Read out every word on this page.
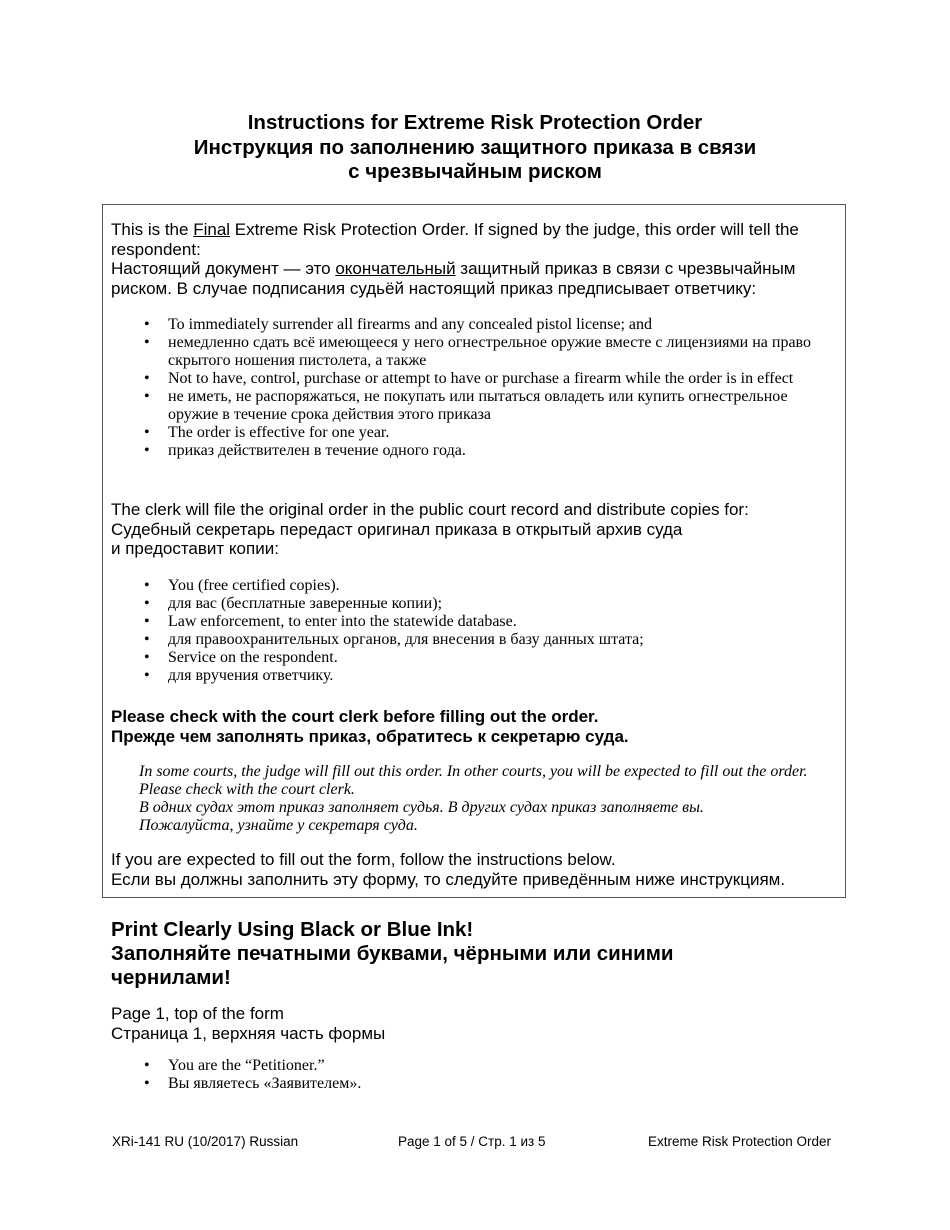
Instructions for Extreme Risk Protection Order
Инструкция по заполнению защитного приказа в связи
с чрезвычайным риском
This is the Final Extreme Risk Protection Order. If signed by the judge, this order will tell the respondent:
Настоящий документ — это окончательный защитный приказ в связи с чрезвычайным риском. В случае подписания судьёй настоящий приказ предписывает ответчику:
• To immediately surrender all firearms and any concealed pistol license; and
• немедленно сдать всё имеющееся у него огнестрельное оружие вместе с лицензиями на право скрытого ношения пистолета, а также
• Not to have, control, purchase or attempt to have or purchase a firearm while the order is in effect
• не иметь, не распоряжаться, не покупать или пытаться овладеть или купить огнестрельное оружие в течение срока действия этого приказа
• The order is effective for one year.
• приказ действителен в течение одного года.
The clerk will file the original order in the public court record and distribute copies for:
Судебный секретарь передаст оригинал приказа в открытый архив суда
и предоставит копии:
• You (free certified copies).
• для вас (бесплатные заверенные копии);
• Law enforcement, to enter into the statewide database.
• для правоохранительных органов, для внесения в базу данных штата;
• Service on the respondent.
• для вручения ответчику.
Please check with the court clerk before filling out the order.
Прежде чем заполнять приказ, обратитесь к секретарю суда.
In some courts, the judge will fill out this order. In other courts, you will be expected to fill out the order. Please check with the court clerk.
В одних судах этот приказ заполняет судья. В других судах приказ заполняете вы.
Пожалуйста, узнайте у секретаря суда.
If you are expected to fill out the form, follow the instructions below.
Если вы должны заполнить эту форму, то следуйте приведённым ниже инструкциям.
Print Clearly Using Black or Blue Ink!
Заполняйте печатными буквами, чёрными или синими
чернилами!
Page 1, top of the form
Страница 1, верхняя часть формы
• You are the “Petitioner.”
• Вы являетесь «Заявителем».
XRi-141 RU (10/2017) Russian	Page 1 of 5 / Стр. 1 из 5	Extreme Risk Protection Order
